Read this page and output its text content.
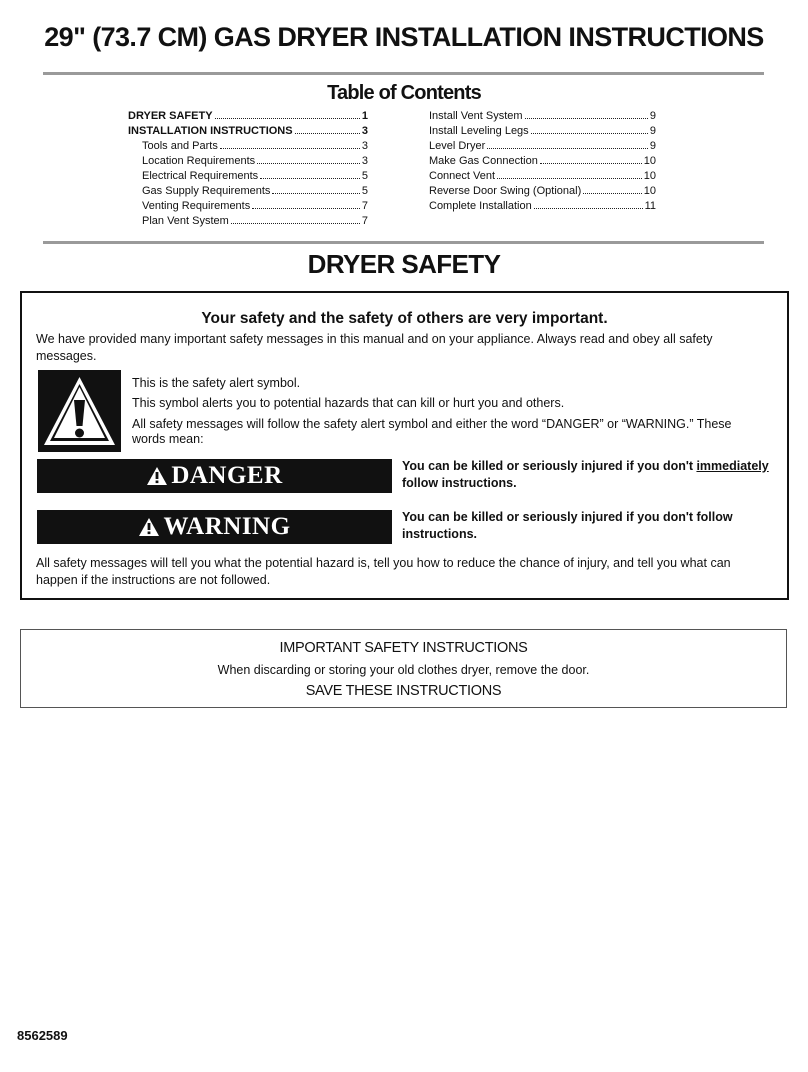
29" (73.7 CM) GAS DRYER INSTALLATION INSTRUCTIONS
Table of Contents
DRYER SAFETY	1
INSTALLATION INSTRUCTIONS	3
Tools and Parts	3
Location Requirements	3
Electrical Requirements	5
Gas Supply Requirements	5
Venting Requirements	7
Plan Vent System	7
Install Vent System	9
Install Leveling Legs	9
Level Dryer	9
Make Gas Connection	10
Connect Vent	10
Reverse Door Swing (Optional)	10
Complete Installation	11
DRYER SAFETY

Your safety and the safety of others are very important.

We have provided many important safety messages in this manual and on your appliance. Always read and obey all safety messages.

This is the safety alert symbol.

This symbol alerts you to potential hazards that can kill or hurt you and others.

All safety messages will follow the safety alert symbol and either the word “DANGER” or “WARNING.” These words mean:

DANGER	You can be killed or seriously injured if you don't immediately follow instructions.

WARNING	You can be killed or seriously injured if you don't follow instructions.

All safety messages will tell you what the potential hazard is, tell you how to reduce the chance of injury, and tell you what can happen if the instructions are not followed.

IMPORTANT SAFETY INSTRUCTIONS

When discarding or storing your old clothes dryer, remove the door.

SAVE THESE INSTRUCTIONS

8562589
